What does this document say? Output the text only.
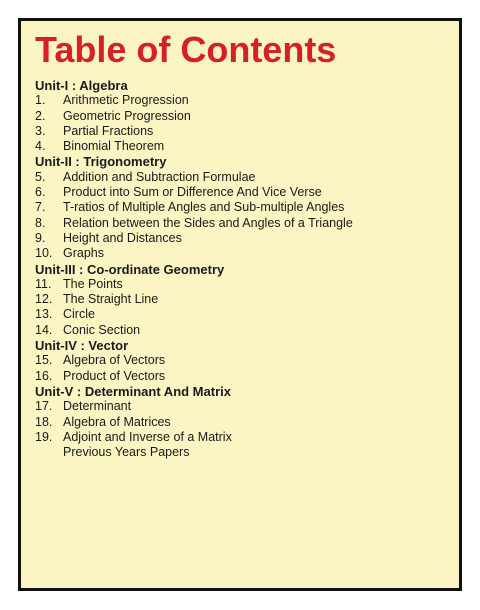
Table of Contents
Unit-I : Algebra
1. Arithmetic Progression
2. Geometric Progression
3. Partial Fractions
4. Binomial Theorem
Unit-II : Trigonometry
5. Addition and Subtraction Formulae
6. Product into Sum or Difference And Vice Verse
7. T-ratios of Multiple Angles and Sub-multiple Angles
8. Relation between the Sides and Angles of a Triangle
9. Height and Distances
10. Graphs
Unit-III : Co-ordinate Geometry
11. The Points
12. The Straight Line
13. Circle
14. Conic Section
Unit-IV : Vector
15. Algebra of Vectors
16. Product of Vectors
Unit-V : Determinant And Matrix
17. Determinant
18. Algebra of Matrices
19. Adjoint and Inverse of a Matrix
Previous Years Papers
